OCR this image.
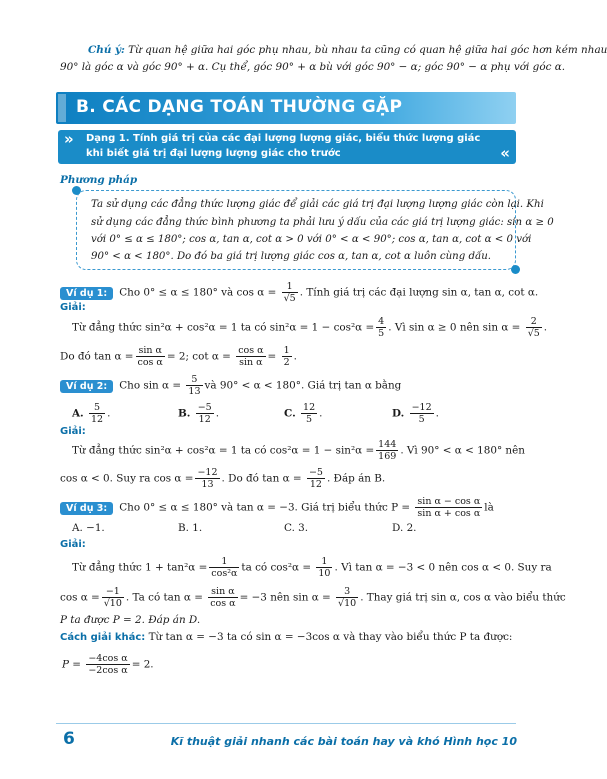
Chú ý: Từ quan hệ giữa hai góc phụ nhau, bù nhau ta cũng có quan hệ giữa hai góc hơn kém nhau
90° là góc α và góc 90° + α. Cụ thể, góc 90° + α bù với góc 90° − α; góc 90° − α phụ với góc α.
B. CÁC DẠNG TOÁN THƯỜNG GẶP
» Dạng 1. Tính giá trị của các đại lượng lượng giác, biểu thức lượng giác
khi biết giá trị đại lượng lượng giác cho trước	«
Phương pháp
Ta sử dụng các đẳng thức lượng giác để giải các giá trị đại lượng lượng giác còn lại. Khi
sử dụng các đẳng thức bình phương ta phải lưu ý dấu của các giá trị lượng giác: sin α ≥ 0
với 0° ≤ α ≤ 180°; cos α, tan α, cot α > 0 với 0° < α < 90°; cos α, tan α, cot α < 0 với
90° < α < 180°. Do đó ba giá trị lượng giác cos α, tan α, cot α luôn cùng dấu.
Ví dụ 1: Cho 0° ≤ α ≤ 180° và $\cos \alpha = \frac{1}{√5}$ . Tính giá trị các đại lượng sin α, tan α, cot α.
Giải:
Từ đẳng thức sin²α + cos²α = 1 ta có $\sin^2\alpha = 1 - \cos^2\alpha = \frac{4}{5}$ . Vì sin α ≥ 0 nên $\sin \alpha = \frac{2}{√5}$ .
Do đó $\tan \alpha = \frac{\text{sin α}}{\text{cos α}} = 2$; $\cot \alpha = \frac{\text{cos α}}{\text{sin α}} = \frac{1}{2}$ .
Ví dụ 2: Cho $\sin \alpha = \frac{5}{13}$ và 90° < α < 180°. Giá trị tan α bằng
A. $\frac{5}{12}$ .	B. $\frac{-5}{12}$ .	C. $\frac{12}{5}$ .	D. $\frac{-12}{5}$ .
Giải:
Từ đẳng thức sin²α + cos²α = 1 ta có $\cos^2\alpha = 1 - \sin^2\alpha = \frac{144}{169}$ . Vì 90° < α < 180° nên
cos α < 0. Suy ra $\cos \alpha = \frac{-12}{13}$ . Do đó $\tan \alpha = \frac{-5}{12}$ . Đáp án B.
Ví dụ 3: Cho 0° ≤ α ≤ 180° và tan α = −3. Giá trị biểu thức $P = \frac{\text{sin α − cos α}}{\text{sin α + cos α}}$ là
A. −1.	B. 1.	C. 3.	D. 2.
Giải:
Từ đẳng thức $1 + \tan^2\alpha = \frac{1}{\text{cos²α}}$ ta có $\cos^2\alpha = \frac{1}{10}$ . Vì tan α = −3 < 0 nên cos α < 0. Suy ra
$\cos \alpha = \frac{-1}{√10}$ . Ta có $\tan \alpha = \frac{\text{sin α}}{\text{cos α}} = -3$ nên $\sin \alpha = \frac{3}{√10}$ . Thay giá trị sin α, cos α vào biểu thức
P ta được P = 2. Đáp án D.
Cách giải khác: Từ tan α = −3 ta có sin α = −3cos α và thay vào biểu thức P ta được:
$P = \frac{\text{−4cos α}}{\text{−2cos α}} = 2$.
6	Kĩ thuật giải nhanh các bài toán hay và khó Hình học 10
